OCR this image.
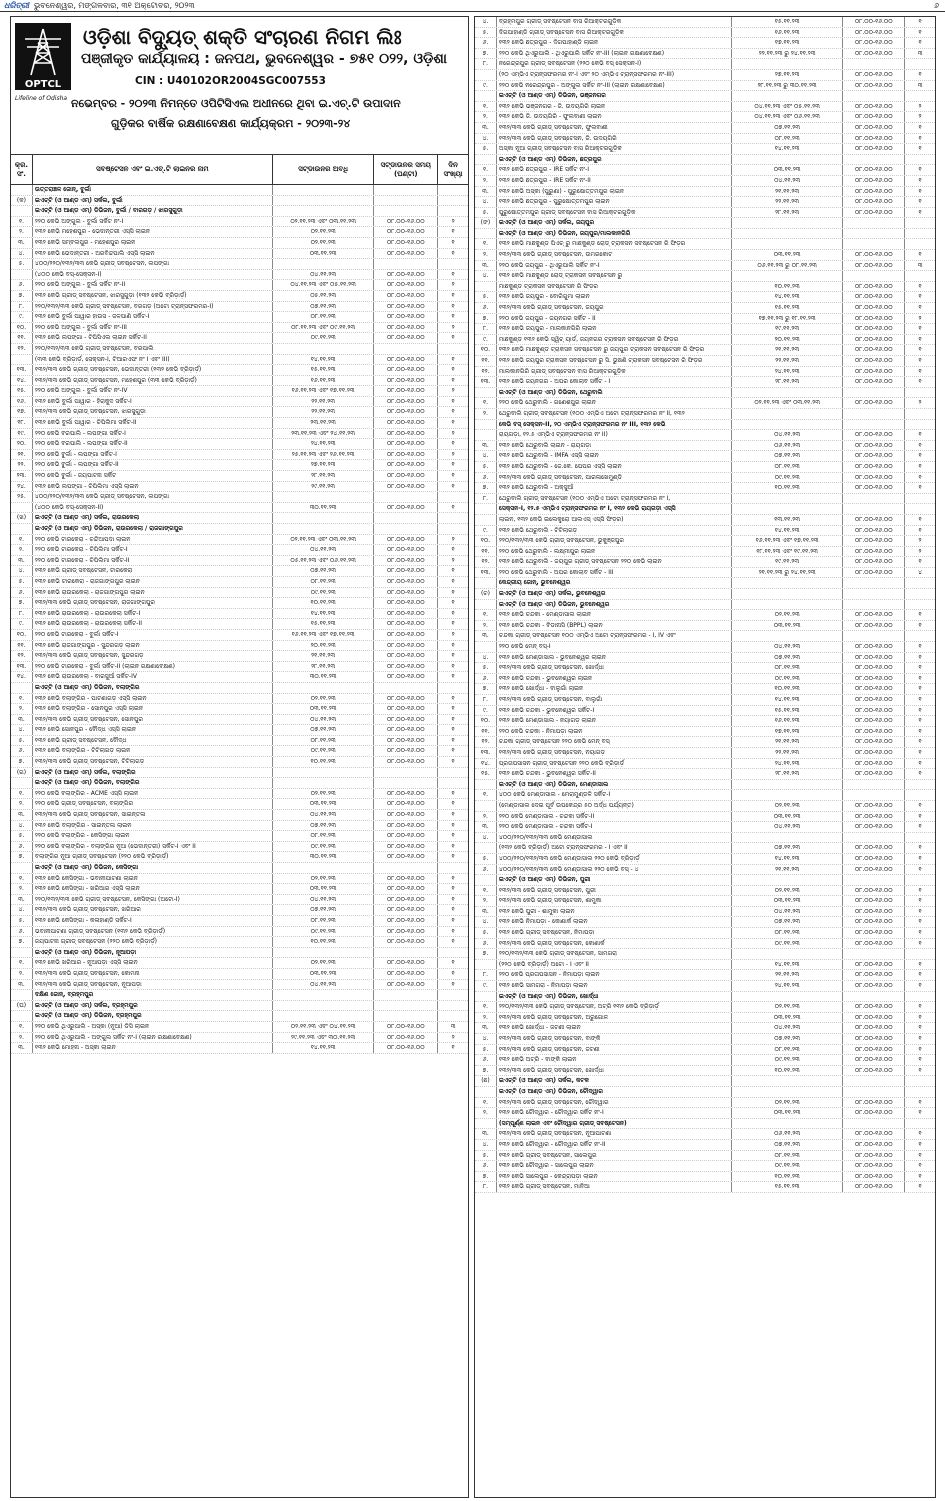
ଧରିତ୍ରୀ ଭୁବନେଶ୍ୱର, ମଙ୍ଗଳବାର, ୩୧ ଅକ୍ଟୋବର, ୨୦୨୩	୬
OPTCL
Lifeline of Odisha
ଓଡ଼ିଶା ବିଦ୍ୟୁତ୍ ଶକ୍ତି ସଂଚାରଣ ନିଗମ ଲିଃ
ପଞ୍ଜୀକୃତ କାର୍ଯ୍ୟାଳୟ : ଜନପଥ, ଭୁବନେଶ୍ୱର - ୭୫୧ ୦୨୨, ଓଡ଼ିଶା
CIN : U40102OR2004SGC007553
ନଭେମ୍ବର - ୨୦୨୩ ନିମନ୍ତେ ଓପିଟିସିଏଲ ଅଧୀନରେ ଥିବା ଇ.ଏଚ୍.ଟି ଉପାଦାନ
ଗୁଡ଼ିକର ବାର୍ଷିକ ରକ୍ଷଣାବେକ୍ଷଣ କାର୍ଯ୍ୟକ୍ରମ - ୨୦୨୩-୨୪
କ୍ର. ସଂ.
ସବଷ୍ଟେସନ ଏବଂ ଇ.ଏଚ୍.ଟି ଲାଇନର ନାମ	ସଟ୍‌ଡାଉନର ଅବଧି
ସଟ୍‌ଡାଉନର ସମୟ (ଘଣ୍ଟା)
ଦିନ ସଂଖ୍ୟା
ଉତ୍ତରାଞ୍ଚଳ ଜୋନ୍, ବୁର୍ଲା
(କ)	ଇଏଚ୍‌ଟି (ଓ ଆଣ୍ଡ ଏମ୍) ସର୍କଲ, ବୁର୍ଲା
ଇଏଚ୍‌ଟି (ଓ ଆଣ୍ଡ ଏମ୍) ଡିଭିଜନ, ବୁର୍ଲା / ବାରଗଡ଼ / ଝାରସୁଗୁଡ଼ା
୧.	୨୨୦ କେଭି ଅଙ୍ଗୁଲ - ବୁର୍ଲା ସର୍କିଟ ନଂ-I	୦୨.୧୧.୨୩ ଏବଂ ୦୩.୧୧.୨୩	୦୮.୦୦-୧୬.୦୦	୨
୨.	୧୩୨ କେଭି ମହେଶପୁର - ଭେଦାନ୍ତରୀ ଏସ୍‌ସି ଲାଇନ	୦୨.୧୧.୨୩	୦୮.୦୦-୧୬.୦୦	୧
୩.	୧୩୨ କେଭି ସମ୍ବଲପୁର - ମହେଶପୁର ଲାଇନ	୦୨.୧୧.୨୩	୦୮.୦୦-୧୬.୦୦	୧
୪.	୧୩୨ କେଭି ଭେଦାନ୍ତରୀ - ଅରବିନ୍ଦପାଲି ଏସ୍‌ସି ଲାଇନ	୦୩.୧୧.୨୩	୦୮.୦୦-୧୬.୦୦	୧
୫.	୪୦୦/୨୨୦/୧୩୨/୩୩ କେଭି ଗ୍ରୀଡ୍ ସବଷ୍ଟେସନ, ଲପଙ୍ଗା
(୪୦୦ କେଭି ବସ୍-ସେକ୍ସନ-I)	୦୪.୧୧.୨୩	୦୮.୦୦-୧୬.୦୦	୧
୬.	୨୨୦ କେଭି ଅଙ୍ଗୁଲ - ବୁର୍ଲା ସର୍କିଟ ନଂ-II	୦୪.୧୧.୨୩ ଏବଂ ୦୫.୧୧.୨୩	୦୮.୦୦-୧୬.୦୦	୨
୭.	୧୩୨ କେଭି ଗ୍ରୀଡ୍ ସବଷ୍ଟେସନ, ଝାରସୁଗୁଡ଼ା (୧୩୨ କେଭି ବ୍ରିଡ଼ାର୍ଡ଼)	୦୫.୧୧.୨୩	୦୮.୦୦-୧୬.୦୦	୧
୮.	୨୨୦/୧୩୨/୩୩ କେଭି ଗ୍ରୀଡ୍ ସବଷ୍ଟେସନ, ବରଗଡ଼ (ଅଟୋ ଟ୍ରାନ୍ସଫରମର-I)	୦୭.୧୧.୨୩	୦୮.୦୦-୧୬.୦୦	୧
୯.	୧୩୨ କେଭି ବୁର୍ଲା ପାୱାର ହାଉସ - ଜଳପାଣି ସର୍କିଟ-I	୦୮.୧୧.୨୩	୦୮.୦୦-୧୬.୦୦	୧
୧୦.	୨୨୦ କେଭି ଅଙ୍ଗୁଲ - ବୁର୍ଲା ସର୍କିଟ ନଂ-III	୦୮.୧୧.୨୩ ଏବଂ ୦୯.୧୧.୨୩	୦୮.୦୦-୧୬.୦୦	୨
୧୧.	୧୩୨ କେଭି ଲପଙ୍ଗା - ଟିପିସିଏଲ ଲାଇନ ସର୍କିଟ-II	୦୯.୧୧.୨୩	୦୮.୦୦-୧୬.୦୦	୧
୧୨.	୨୨୦/୧୩୨/୩୩ କେଭି ଗ୍ରୀଡ୍ ସବଷ୍ଟେସନ, ବରପାଲି
(୩୩ କେଭି ବ୍ରିଡ଼ାର୍ଡ଼, ସେକ୍ସନ-I, ଟିଆରଏଫ ନଂ I ଏବଂ III)	୧୪.୧୧.୨୩	୦୮.୦୦-୧୬.୦୦	୧
୧୩.	୧୩୨/୩୩ କେଭି ଗ୍ରୀଡ୍ ସବଷ୍ଟେସନ, ଭେଦାନ୍ତରୀ (୧୩୨ କେଭି ବ୍ରିଡ଼ାର୍ଡ଼)	୧୫.୧୧.୨୩	୦୮.୦୦-୧୬.୦୦	୧
୧୪.	୧୩୨/୩୩ କେଭି ଗ୍ରୀଡ୍ ସବଷ୍ଟେସନ, ମହେଶପୁର (୩୩ କେଭି ବ୍ରିଡ଼ାର୍ଡ଼)	୧୬.୧୧.୨୩	୦୮.୦୦-୧୬.୦୦	୧
୧୫.	୨୨୦ କେଭି ଅଙ୍ଗୁଲ - ବୁର୍ଲା ସର୍କିଟ ନଂ-IV	୧୬.୧୧.୨୩ ଏବଂ ୧୭.୧୧.୨୩	୦୮.୦୦-୧୬.୦୦	୨
୧୬.	୧୩୨ କେଭି ବୁର୍ଲା ପାୱାର - ହିରାକୁଦ ସର୍କିଟ-I	୨୨.୧୧.୨୩	୦୮.୦୦-୧୬.୦୦	୧
୧୭.	୧୩୨/୩୩ କେଭି ଗ୍ରୀଡ୍ ସବଷ୍ଟେସନ, ଝାରସୁଗୁଡ଼ା	୨୨.୧୧.୨୩	୦୮.୦୦-୧୬.୦୦	୧
୧୮.	୧୩୨ କେଭି ବୁର୍ଲା ପାୱାର - ଚିପିଲିମା ସର୍କିଟ-II	୨୩.୧୧.୨୩	୦୮.୦୦-୧୬.୦୦	୧
୧୯.	୨୨୦ କେଭି ବରପାଲି - ଲପଙ୍ଗା ସର୍କିଟ-I	୨୩.୧୧.୨୩ ଏବଂ ୨୪.୧୧.୨୩	୦୮.୦୦-୧୬.୦୦	୨
୨୦.	୨୨୦ କେଭି ବରପାଲି - ଲପଙ୍ଗା ସର୍କିଟ-II	୨୪.୧୧.୨୩	୦୮.୦୦-୧୬.୦୦	୧
୨୧.	୨୨୦ କେଭି ବୁର୍ଲା - ଲପଙ୍ଗା ସର୍କିଟ-I	୨୫.୧୧.୨୩ ଏବଂ ୨୬.୧୧.୨୩	୦୮.୦୦-୧୬.୦୦	୨
୨୨.	୨୨୦ କେଭି ବୁର୍ଲା - ଲପଙ୍ଗା ସର୍କିଟ-II	୨୭.୧୧.୨୩	୦୮.୦୦-୧୬.୦୦	୧
୨୩.	୨୨୦ କେଭି ବୁର୍ଲା - ଜୟପାଟନା ସର୍କିଟ	୨୮.୧୧.୨୩	୦୮.୦୦-୧୬.୦୦	୧
୨୪.	୧୩୨ କେଭି ଲପଙ୍ଗା - ଚିପିଲିମା ଏସ୍‌ସି ଲାଇନ	୨୯.୧୧.୨୩	୦୮.୦୦-୧୬.୦୦	୧
୨୫.	୪୦୦/୨୨୦/୧୩୨/୩୩ କେଭି ଗ୍ରୀଡ୍ ସବଷ୍ଟେସନ, ଲପଙ୍ଗା
(୪୦୦ କେଭି ବସ୍-ସେକ୍ସନ-II)	୩୦.୧୧.୨୩	୦୮.୦୦-୧୬.୦୦	୧
(ଖ)	ଇଏଚ୍‌ଟି (ଓ ଆଣ୍ଡ ଏମ୍) ସର୍କଲ, ରାଉରକେଲା
ଇଏଚ୍‌ଟି (ଓ ଆଣ୍ଡ ଏମ୍) ଡିଭିଜନ, ରାଉରକେଲା / ରାଜଗାଙ୍ଗପୁର
୧.	୨୨୦ କେଭି ଟାରକେରା - ଚନ୍ଦିଆପଦା ଲାଇନ	୦୨.୧୧.୨୩ ଏବଂ ୦୩.୧୧.୨୩	୦୮.୦୦-୧୬.୦୦	୨
୨.	୨୨୦ କେଭି ଟାରକେରା - ଚିପିଲିମା ସର୍କିଟ-I	୦୪.୧୧.୨୩	୦୮.୦୦-୧୬.୦୦	୧
୩.	୨୨୦ କେଭି ଟାରକେରା - ଚିପିଲିମା ସର୍କିଟ-II	୦୫.୧୧.୨୩ ଏବଂ ୦୬.୧୧.୨୩	୦୮.୦୦-୧୬.୦୦	୨
୪.	୧୩୨ କେଭି ଗ୍ରୀଡ୍ ସବଷ୍ଟେସନ, ଟାରକେରା	୦୭.୧୧.୨୩	୦୮.୦୦-୧୬.୦୦	୧
୫.	୧୩୨ କେଭି ଟାରକେରା - ରାଜଗାଙ୍ଗପୁର ଲାଇନ	୦୮.୧୧.୨୩	୦୮.୦୦-୧୬.୦୦	୧
୬.	୧୩୨ କେଭି ରାଉରକେଲା - ରାଜଗାଙ୍ଗପୁର ଲାଇନ	୦୯.୧୧.୨୩	୦୮.୦୦-୧୬.୦୦	୧
୭.	୧୩୨/୩୩ କେଭି ଗ୍ରୀଡ୍ ସବଷ୍ଟେସନ, ରାଜଗାଙ୍ଗପୁର	୧୦.୧୧.୨୩	୦୮.୦୦-୧୬.୦୦	୧
୮.	୧୩୨ କେଭି ରାଉରକେଲା - ରାଉରକେଲା ସର୍କିଟ-I	୧୪.୧୧.୨୩	୦୮.୦୦-୧୬.୦୦	୧
୯.	୧୩୨ କେଭି ରାଉରକେଲା - ରାଉରକେଲା ସର୍କିଟ-II	୧୫.୧୧.୨୩	୦୮.୦୦-୧୬.୦୦	୧
୧୦.	୨୨୦ କେଭି ଟାରକେରା - ବୁର୍ଲା ସର୍କିଟ-I	୧୬.୧୧.୨୩ ଏବଂ ୧୭.୧୧.୨୩	୦୮.୦୦-୧୬.୦୦	୨
୧୧.	୧୩୨ କେଭି ରାଜଗାଙ୍ଗପୁର - ସୁନ୍ଦରଗଡ଼ ଲାଇନ	୨୦.୧୧.୨୩	୦୮.୦୦-୧୬.୦୦	୧
୧୨.	୧୩୨/୩୩ କେଭି ଗ୍ରୀଡ୍ ସବଷ୍ଟେସନ, ସୁନ୍ଦରଗଡ଼	୨୧.୧୧.୨୩	୦୮.୦୦-୧୬.୦୦	୧
୧୩.	୨୨୦ କେଭି ଟାରକେରା - ବୁର୍ଲା ସର୍କିଟ-II (ଲାଇନ ରକ୍ଷଣାବେକ୍ଷଣ)	୨୮.୧୧.୨୩	୦୮.୦୦-୧୬.୦୦	୧
୧୪.	୧୩୨ କେଭି ରାଉରକେଲା - ବାରସୁଆଁ ସର୍କିଟ-IV	୩୦.୧୧.୨୩	୦୮.୦୦-୧୬.୦୦	୧
ଇଏଚ୍‌ଟି (ଓ ଆଣ୍ଡ ଏମ୍) ଡିଭିଜନ, ବଲାଙ୍ଗିର
୧.	୧୩୨ କେଭି ବଲାଙ୍ଗିର - ପାଟଣାଗଡ଼ ଏସ୍‌ସି ଲାଇନ	୦୨.୧୧.୨୩	୦୮.୦୦-୧୬.୦୦	୧
୨.	୧୩୨ କେଭି ବଲାଙ୍ଗିର - ସୋନପୁର ଏସ୍‌ସି ଲାଇନ	୦୩.୧୧.୨୩	୦୮.୦୦-୧୬.୦୦	୧
୩.	୧୩୨/୩୩ କେଭି ଗ୍ରୀଡ୍ ସବଷ୍ଟେସନ, ସୋନପୁର	୦୪.୧୧.୨୩	୦୮.୦୦-୧୬.୦୦	୧
୪.	୧୩୨ କେଭି ସୋନପୁର - ବୌଦ୍ଧ ଏସ୍‌ସି ଲାଇନ	୦୭.୧୧.୨୩	୦୮.୦୦-୧୬.୦୦	୧
୫.	୧୩୨ କେଭି ଗ୍ରୀଡ୍ ସବଷ୍ଟେସନ, ବୌଦ୍ଧ	୦୮.୧୧.୨୩	୦୮.୦୦-୧୬.୦୦	୧
୬.	୧୩୨ କେଭି ବଲାଙ୍ଗିର - ଟିଟିଲାଗଡ଼ ଲାଇନ	୦୯.୧୧.୨୩	୦୮.୦୦-୧୬.୦୦	୧
୭.	୧୩୨/୩୩ କେଭି ଗ୍ରୀଡ୍ ସବଷ୍ଟେସନ, ଟିଟିଲାଗଡ଼	୧୦.୧୧.୨୩	୦୮.୦୦-୧୬.୦୦	୧
(ଗ)	ଇଏଚ୍‌ଟି (ଓ ଆଣ୍ଡ ଏମ୍) ସର୍କଲ, ବଲାଙ୍ଗିର
ଇଏଚ୍‌ଟି (ଓ ଆଣ୍ଡ ଏମ୍) ଡିଭିଜନ, ବଲାଙ୍ଗିର
୧.	୨୨୦ କେଭି ବଲାଙ୍ଗିର - ACME ଏସ୍‌ସି ଲାଇନ	୦୨.୧୧.୨୩	୦୮.୦୦-୧୬.୦୦	୧
୨.	୨୨୦ କେଭି ଗ୍ରୀଡ୍ ସବଷ୍ଟେସନ, ବଲାଙ୍ଗିର	୦୩.୧୧.୨୩	୦୮.୦୦-୧୬.୦୦	୧
୩.	୧୩୨/୩୩ କେଭି ଗ୍ରୀଡ୍ ସବଷ୍ଟେସନ, ସାଇନ୍ତଳା	୦୪.୧୧.୨୩	୦୮.୦୦-୧୬.୦୦	୧
୪.	୧୩୨ କେଭି ବଲାଙ୍ଗିର - ସାଇନ୍ତଳା ଲାଇନ	୦୭.୧୧.୨୩	୦୮.୦୦-୧୬.୦୦	୧
୫.	୨୨୦ କେଭି ବଲାଙ୍ଗିର - କେସିଙ୍ଗା ଲାଇନ	୦୮.୧୧.୨୩	୦୮.୦୦-୧୬.୦୦	୧
୬.	୨୨୦ କେଭି ବଲାଙ୍ଗିର - ବଲାଙ୍ଗିର ନୂଆ (ଭେଦାନ୍ତରୀ) ସର୍କିଟ-I ଏବଂ II	୦୯.୧୧.୨୩	୦୮.୦୦-୧୬.୦୦	୧
୭.	ବଲାଙ୍ଗିର ନୂଆ ଗ୍ରୀଡ୍ ସବଷ୍ଟେସନ (୨୨୦ କେଭି ବ୍ରିଡ଼ାର୍ଡ଼)	୩୦.୧୧.୨୩	୦୮.୦୦-୧୬.୦୦	୧
ଇଏଚ୍‌ଟି (ଓ ଆଣ୍ଡ ଏମ୍) ଡିଭିଜନ, କେସିଙ୍ଗା
୧.	୧୩୨ କେଭି କେସିଙ୍ଗା - ଭବାନୀପାଟଣା ଲାଇନ	୦୨.୧୧.୨୩	୦୮.୦୦-୧୬.୦୦	୧
୨.	୧୩୨ କେଭି କେସିଙ୍ଗା - ଖରିଆର ଏସ୍‌ସି ଲାଇନ	୦୩.୧୧.୨୩	୦୮.୦୦-୧୬.୦୦	୧
୩.	୨୨୦/୧୩୨/୩୩ କେଭି ଗ୍ରୀଡ୍ ସବଷ୍ଟେସନ, କେସିଙ୍ଗା (ଅଟୋ-I)	୦୪.୧୧.୨୩	୦୮.୦୦-୧୬.୦୦	୧
୪.	୧୩୨/୩୩ କେଭି ଗ୍ରୀଡ୍ ସବଷ୍ଟେସନ, ଖରିଆର	୦୭.୧୧.୨୩	୦୮.୦୦-୧୬.୦୦	୧
୫.	୧୩୨ କେଭି କେସିଙ୍ଗା - କଳାହାଣ୍ଡି ସର୍କିଟ-I	୦୮.୧୧.୨୩	୦୮.୦୦-୧୬.୦୦	୧
୬.	ଭବାନୀପାଟଣା ଗ୍ରୀଡ୍ ସବଷ୍ଟେସନ (୧୩୨ କେଭି ବ୍ରିଡ଼ାର୍ଡ଼)	୦୯.୧୧.୨୩	୦୮.୦୦-୧୬.୦୦	୧
୭.	ଜୟପାଟନା ଗ୍ରୀଡ୍ ସବଷ୍ଟେସନ (୨୨୦ କେଭି ବ୍ରିଡ଼ାର୍ଡ଼)	୧୦.୧୧.୨୩	୦୮.୦୦-୧୬.୦୦	୧
ଇଏଚ୍‌ଟି (ଓ ଆଣ୍ଡ ଏମ୍) ଡିଭିଜନ, ନୂଆପଡ଼ା
୧.	୧୩୨ କେଭି ଖରିଆର - ନୂଆପଡ଼ା ଏସ୍‌ସି ଲାଇନ	୦୨.୧୧.୨୩	୦୮.୦୦-୧୬.୦୦	୧
୨.	୧୩୨/୩୩ କେଭି ଗ୍ରୀଡ୍ ସବଷ୍ଟେସନ, କୋମନା	୦୩.୧୧.୨୩	୦୮.୦୦-୧୬.୦୦	୧
୩.	୧୩୨/୩୩ କେଭି ଗ୍ରୀଡ୍ ସବଷ୍ଟେସନ, ନୂଆପଡ଼ା	୦୪.୧୧.୨୩	୦୮.୦୦-୧୬.୦୦	୧
ଦକ୍ଷିଣ ଜୋନ୍, ବ୍ରହ୍ମପୁର
(ଘ)	ଇଏଚ୍‌ଟି (ଓ ଆଣ୍ଡ ଏମ୍) ସର୍କଲ, ବ୍ରହ୍ମପୁର
ଇଏଚ୍‌ଟି (ଓ ଆଣ୍ଡ ଏମ୍) ଡିଭିଜନ, ବ୍ରହ୍ମପୁର
୧.	୨୨୦ କେଭି ଥିଏରୁପାଲି - ଅସ୍କା (ନୂଆ) ଡିସି ଲାଇନ	୦୨.୧୧.୨୩ ଏବଂ ୦୪.୧୧.୨୩	୦୮.୦୦-୧୬.୦୦	୩
୨.	୨୨୦ କେଭି ଥିଏରୁପାଲି - ଅଙ୍ଗୁଲ ସର୍କିଟ ନଂ-I (ଲାଇନ ରକ୍ଷଣାବେକ୍ଷଣ)	୨୯.୧୧.୨୩ ଏବଂ ୩୦.୧୧.୨୩	୦୮.୦୦-୧୬.୦୦	୨
୩.	୧୩୨ କେଭି ମୋହନା - ଅସ୍କା ଲାଇନ	୧୪.୧୧.୨୩	୦୮.୦୦-୧୬.୦୦	୧
୪.	ବ୍ରହ୍ମପୁର ଗ୍ରୀଡ୍ ସବଷ୍ଟେସନ ବାସ ରିଆକ୍ଟରଗୁଡ଼ିକ	୧୫.୧୧.୨୩	୦୮.୦୦-୧୬.୦୦	୧
୫.	ଦିଗପାହାଣ୍ଡି ଗ୍ରୀଡ୍ ସବଷ୍ଟେସନ ବାସ ରିଆକ୍ଟରଗୁଡ଼ିକ	୧୬.୧୧.୨୩	୦୮.୦୦-୧୬.୦୦	୧
୬.	୧୩୨ କେଭି ଛତ୍ରପୁର - ଦିଗପାହାଣ୍ଡି ଲାଇନ	୧୭.୧୧.୨୩	୦୮.୦୦-୧୬.୦୦	୧
୭.	୨୨୦ କେଭି ଥିଏରୁପାଲି - ଥିଏରୁପାଲି ସର୍କିଟ ନଂ-III (ଲାଇନ ରକ୍ଷଣାବେକ୍ଷଣ)	୨୨.୧୧.୨୩ ରୁ ୨୪.୧୧.୨୩	୦୮.୦୦-୧୬.୦୦	୩
୮.	ନରେନ୍ଦ୍ରପୁର ଗ୍ରୀଡ୍ ସବଷ୍ଟେସନ (୨୨୦ କେଭି ବସ୍ ସେକ୍ସନ-I)
(୨୦ ଏମ୍‌ଭିଏ ଟ୍ରାନ୍ସଫରମର ନଂ-I ଏବଂ ୨୦ ଏମ୍‌ଭିଏ ଟ୍ରାନ୍ସଫରମର ନଂ-III)	୨୭.୧୧.୨୩	୦୮.୦୦-୧୬.୦୦	୧
୯.	୨୨୦ କେଭି ନରେନ୍ଦ୍ରପୁର - ଅଙ୍ଗୁଲ ସର୍କିଟ ନଂ-III (ଲାଇନ ରକ୍ଷଣାବେକ୍ଷଣ)	୨୮.୧୧.୨୩ ରୁ ୩୦.୧୧.୨୩	୦୮.୦୦-୧୬.୦୦	୩
ଇଏଚ୍‌ଟି (ଓ ଆଣ୍ଡ ଏମ୍) ଡିଭିଜନ, ଭଞ୍ଜନଗର
୧.	୧୩୨ କେଭି ଭଞ୍ଜନଗର - ଜି. ଉଦୟଗିରି ଲାଇନ	୦୪.୧୧.୨୩ ଏବଂ ୦୫.୧୧.୨୩	୦୮.୦୦-୧୬.୦୦	୨
୨.	୧୩୨ କେଭି ଜି. ଉଦୟଗିରି - ଫୁଲବାଣୀ ଲାଇନ	୦୪.୧୧.୨୩ ଏବଂ ୦୬.୧୧.୨୩	୦୮.୦୦-୧୬.୦୦	୨
୩.	୧୩୨/୩୩ କେଭି ଗ୍ରୀଡ୍ ସବଷ୍ଟେସନ, ଫୁଲବାଣୀ	୦୭.୧୧.୨୩	୦୮.୦୦-୧୬.୦୦	୧
୪.	୧୩୨/୩୩ କେଭି ଗ୍ରୀଡ୍ ସବଷ୍ଟେସନ, ଜି. ଉଦୟଗିରି	୦୮.୧୧.୨୩	୦୮.୦୦-୧୬.୦୦	୧
୫.	ଅସ୍କା ନୂଆ ଗ୍ରୀଡ୍ ସବଷ୍ଟେସନ ବାସ ରିଆକ୍ଟରଗୁଡ଼ିକ	୧୪.୧୧.୨୩	୦୮.୦୦-୧୬.୦୦	୧
ଇଏଚ୍‌ଟି (ଓ ଆଣ୍ଡ ଏମ୍) ଡିଭିଜନ, ଛତ୍ରପୁର
୧.	୧୩୨ କେଭି ଛତ୍ରପୁର - IRE ସର୍କିଟ ନଂ-I	୦୩.୧୧.୨୩	୦୮.୦୦-୧୬.୦୦	୧
୨.	୧୩୨ କେଭି ଛତ୍ରପୁର - IRE ସର୍କିଟ ନଂ-II	୦୪.୧୧.୨୩	୦୮.୦୦-୧୬.୦୦	୧
୩.	୧୩୨ କେଭି ଅସ୍କା (ପୁରୁଣା) - ପୁରୁଷୋତ୍ତମପୁର ଲାଇନ	୨୧.୧୧.୨୩	୦୮.୦୦-୧୬.୦୦	୧
୪.	୧୩୨ କେଭି ଛତ୍ରପୁର - ପୁରୁଷୋତ୍ତମପୁର ଲାଇନ	୨୨.୧୧.୨୩	୦୮.୦୦-୧୬.୦୦	୧
୫.	ପୁରୁଷୋତ୍ତମପୁର ଗ୍ରୀଡ୍ ସବଷ୍ଟେସନ ବାସ ରିଆକ୍ଟରଗୁଡ଼ିକ	୨୮.୧୧.୨୩	୦୮.୦୦-୧୬.୦୦	୧
(ଙ)	ଇଏଚ୍‌ଟି (ଓ ଆଣ୍ଡ ଏମ୍) ସର୍କଲ, ଜୟପୁର
ଇଏଚ୍‌ଟି (ଓ ଆଣ୍ଡ ଏମ୍) ଡିଭିଜନ, ଜୟପୁର/ମାଲକାନଗିରି
୧.	୧୩୨ କେଭି ମାଛକୁଣ୍ଡ ପିଏଚ୍ ରୁ ମାଛକୁଣ୍ଡ ରୋଡ୍ ଟ୍ରାକସନ ସବଷ୍ଟେସନ ରି ଫିଡ଼ର
୨.	୧୩୨/୩୩ କେଭି ଗ୍ରୀଡ୍ ସବଷ୍ଟେସନ, ଉମରକୋଟ	୦୩.୧୧.୨୩	୦୮.୦୦-୧୬.୦୦	୧
୩.	୨୨୦ କେଭି ଜୟପୁର - ଥିଏରୁପାଲି ସର୍କିଟ ନଂ-I	୦୬.୧୧.୨୩ ରୁ ୦୮.୧୧.୨୩	୦୮.୦୦-୧୬.୦୦	୩
୪.	୧୩୨ କେଭି ମାଛକୁଣ୍ଡ ରୋଡ୍ ଟ୍ରାକସନ ସବଷ୍ଟେସନ ରୁ
ମାଛକୁଣ୍ଡ ଟ୍ରାକସନ ସବଷ୍ଟେସନ ରି ଫିଡ଼ର	୧୦.୧୧.୨୩	୦୮.୦୦-୧୬.୦୦	୧
୫.	୧୩୨ କେଭି ଜୟପୁର - ବୋରିଗୁମା ଲାଇନ	୧୪.୧୧.୨୩	୦୮.୦୦-୧୬.୦୦	୧
୬.	୧୩୨/୩୩ କେଭି ଗ୍ରୀଡ୍ ସବଷ୍ଟେସନ, ଜୟପୁର	୧୫.୧୧.୨୩	୦୮.୦୦-୧୬.୦୦	୧
୭.	୨୨୦ କେଭି ଜୟପୁର - ଜୟନଗର ସର୍କିଟ - II	୧୭.୧୧.୨୩ ରୁ ୧୮.୧୧.୨୩	୦୮.୦୦-୧୬.୦୦	୨
୮.	୧୩୨ କେଭି ଜୟପୁର - ମାଲକାନଗିରି ଲାଇନ	୧୯.୧୧.୨୩	୦୮.୦୦-୧୬.୦୦	୧
୯.	ମାଛକୁଣ୍ଡ ୧୩୨ କେଭି ସ୍ୱିଚ୍ ୟାର୍ଡ, ଜୟନଗର ଟ୍ରାକସନ ସବଷ୍ଟେସନ ରି ଫିଡ଼ର	୨୦.୧୧.୨୩	୦୮.୦୦-୧୬.୦୦	୧
୧୦.	୧୩୨ କେଭି ମାଛକୁଣ୍ଡ ଟ୍ରାକସନ ସବଷ୍ଟେସନ ରୁ ଜୟପୁର ଟ୍ରାକସନ ସବଷ୍ଟେସନ ରି ଫିଡ଼ର	୨୧.୧୧.୨୩	୦୮.୦୦-୧୬.୦୦	୧
୧୧.	୧୩୨ କେଭି ଜୟପୁର ଟ୍ରାକସନ ସବଷ୍ଟେସନ ରୁ ସି. ଭୁଷଣି ଟ୍ରାକସନ ସବଷ୍ଟେସନ ରି ଫିଡ଼ର	୨୨.୧୧.୨୩	୦୮.୦୦-୧୬.୦୦	୧
୧୨.	ମାଲକାନଗିରି ଗ୍ରୀଡ୍ ସବଷ୍ଟେସନ ବାସ ରିଆକ୍ଟରଗୁଡ଼ିକ	୨୪.୧୧.୨୩	୦୮.୦୦-୧୬.୦୦	୧
୧୩.	୧୩୨ କେଭି ଜୟନଗର - ଅପର କୋଲାବ ସର୍କିଟ - I	୨୮.୧୧.୨୩	୦୮.୦୦-୧୬.୦୦	୧
ଇଏଚ୍‌ଟି (ଓ ଆଣ୍ଡ ଏମ୍) ଡିଭିଜନ, ଥେରୁବାଲି
୧.	୨୨୦ କେଭି ଥେରୁବାଲି - ଗଣେଶପୁର ଲାଇନ	୦୨.୧୧.୨୩ ଏବଂ ୦୩.୧୧.୨୩	୦୮.୦୦-୧୬.୦୦	୨
୨.	ଥେରୁବାଲି ଗ୍ରୀଡ୍ ସବଷ୍ଟେସନ (୧୦୦ ଏମ୍‌ଭିଏ ଅଟୋ ଟ୍ରାନ୍ସଫରମର ନଂ II, ୧୩୨
କେଭି ବସ୍ ସେକ୍ସନ-II, ୨୦ ଏମ୍‌ଭିଏ ଟ୍ରାନ୍ସଫରମର ନଂ III, ୧୩୨ କେଭି
ରାୟଗଡ଼ା, ୧୨.୫ ଏମ୍‌ଭିଏ ଟ୍ରାନ୍ସଫରମର ନଂ II)	୦୪.୧୧.୨୩	୦୮.୦୦-୧୬.୦୦	୧
୩.	୧୩୨ କେଭି ଥେରୁବାଲି ଲାଇନ - ରାୟଗଡ଼ା	୦୬.୧୧.୨୩	୦୮.୦୦-୧୬.୦୦	୧
୪.	୧୩୨ କେଭି ଥେରୁବାଲି - IMFA ଏସ୍‌ସି ଲାଇନ	୦୭.୧୧.୨୩	୦୮.୦୦-୧୬.୦୦	୧
୫.	୧୩୨ କେଭି ଥେରୁବାଲି - ଜେ.କେ. ପେପର ଏସ୍‌ସି ଲାଇନ	୦୮.୧୧.୨୩	୦୮.୦୦-୧୬.୦୦	୧
୬.	୧୩୨/୩୩ କେଭି ଗ୍ରୀଡ୍ ସବଷ୍ଟେସନ, ପାରଳାଖେମୁଣ୍ଡି	୦୯.୧୧.୨୩	୦୮.୦୦-୧୬.୦୦	୧
୭.	୧୩୨ କେଭି ଥେରୁବାଲି - ଅକ୍ସୁଆଁ	୧୦.୧୧.୨୩	୦୮.୦୦-୧୬.୦୦	୧
୮.	ଥେରୁବାଲି ଗ୍ରୀଡ୍ ସବଷ୍ଟେସନ (୧୦୦ ଏମ୍‌ଭିଏ ଅଟୋ ଟ୍ରାନ୍ସଫରମର ନଂ I,
ସେକ୍ସନ-I, ୧୨.୫ ଏମ୍‌ଭିଏ ଟ୍ରାନ୍ସଫରମର ନଂ I, ୧୩୨ କେଭି ରାୟଗଡ଼ା ଏସ୍‌ସି
ଲାଇନ, ୧୩୨ କେଭି ଇଲେକ୍ଟ୍ରୋ ଆଲଏସ୍ ଏସ୍‌ସି ଫିଡ଼ର)	୧୩.୧୧.୨୩	୦୮.୦୦-୧୬.୦୦	୧
୯.	୧୩୨ କେଭି ଥେରୁବାଲି - ଟିଟିଲାଗଡ଼	୧୪.୧୧.୨୩	୦୮.୦୦-୧୬.୦୦	୧
୧୦.	୨୨୦/୧୩୨/୩୩ କେଭି ଗ୍ରୀଡ୍ ସବଷ୍ଟେସନ, ଭୁକୁଞ୍ଜପୁର	୧୬.୧୧.୨୩ ଏବଂ ୧୭.୧୧.୨୩	୦୮.୦୦-୧୬.୦୦	୨
୧୧.	୨୨୦ କେଭି ଥେରୁବାଲି - ଲକ୍ଷ୍ମୀପୁର ଲାଇନ	୧୮.୧୧.୨୩ ଏବଂ ୧୯.୧୧.୨୩	୦୮.୦୦-୧୬.୦୦	୨
୧୨.	୧୩୨ କେଭି ଥେରୁବାଲି - ଜୟପୁର ଗ୍ରୀଡ୍ ସବଷ୍ଟେସନ ୨୨୦ କେଭି ଲାଇନ	୧୯.୧୧.୨୩	୦୮.୦୦-୧୬.୦୦	୧
୧୩.	୨୨୦ କେଭି ଥେରୁବାଲି - ଅପର କୋଲାବ ସର୍କିଟ - III	୨୧.୧୧.୨୩ ରୁ ୨୪.୧୧.୨୩	୦୮.୦୦-୧୬.୦୦	୪
କେନ୍ଦ୍ରୀୟ ଜୋନ୍, ଭୁବନେଶ୍ୱର
(ଚ)	ଇଏଚ୍‌ଟି (ଓ ଆଣ୍ଡ ଏମ୍) ସର୍କଲ, ଭୁବନେଶ୍ୱର
ଇଏଚ୍‌ଟି (ଓ ଆଣ୍ଡ ଏମ୍) ଡିଭିଜନ, ଭୁବନେଶ୍ୱର
୧.	୧୩୨ କେଭି ଚନ୍ଦକା - ମେଣ୍ଡାସାଲ ଲାଇନ	୦୨.୧୧.୨୩	୦୮.୦୦-୧୬.୦୦	୧
୨.	୧୩୨ କେଭି ଚନ୍ଦକା - ବିଡାନାସି (BPPL) ଲାଇନ	୦୩.୧୧.୨୩	୦୮.୦୦-୧୬.୦୦	୧
୩.	ଚନ୍ଦକା ଗ୍ରୀଡ୍ ସବଷ୍ଟେସନ ୧୦୦ ଏମ୍‌ଭିଏ ଅଟୋ ଟ୍ରାନ୍ସଫରମର - I, IV ଏବଂ
୨୨୦ କେଭି ମେନ୍ ବସ୍-I	୦୪.୧୧.୨୩	୦୮.୦୦-୧୬.୦୦	୧
୪.	୧୩୨ କେଭି ମେଣ୍ଡାସାଲ - ଭୁବନେଶ୍ୱର ଲାଇନ	୦୭.୧୧.୨୩	୦୮.୦୦-୧୬.୦୦	୧
୫.	୧୩୨/୩୩ କେଭି ଗ୍ରୀଡ୍ ସବଷ୍ଟେସନ, ଖୋର୍ଦ୍ଧା	୦୮.୧୧.୨୩	୦୮.୦୦-୧୬.୦୦	୧
୬.	୧୩୨ କେଭି ଚନ୍ଦକା - ଭୁବନେଶ୍ୱର ଲାଇନ	୦୯.୧୧.୨୩	୦୮.୦୦-୧୬.୦୦	୧
୭.	୧୩୨ କେଭି ଖୋର୍ଦ୍ଧା - ବାଲୁଗାଁ ଲାଇନ	୧୦.୧୧.୨୩	୦୮.୦୦-୧୬.୦୦	୧
୮.	୧୩୨/୩୩ କେଭି ଗ୍ରୀଡ୍ ସବଷ୍ଟେସନ, ବାଲୁଗାଁ	୧୪.୧୧.୨୩	୦୮.୦୦-୧୬.୦୦	୧
୯.	୧୩୨ କେଭି ଚନ୍ଦକା - ଭୁବନେଶ୍ୱର ସର୍କିଟ-I	୧୫.୧୧.୨୩	୦୮.୦୦-୧୬.୦୦	୧
୧୦.	୧୩୨ କେଭି ମେଣ୍ଡାସାଲ - ନୟାଗଡ଼ ଲାଇନ	୧୬.୧୧.୨୩	୦୮.୦୦-୧୬.୦୦	୧
୧୧.	୨୨୦ କେଭି ଚନ୍ଦକା - ନିମାପଡ଼ା ଲାଇନ	୧୭.୧୧.୨୩	୦୮.୦୦-୧୬.୦୦	୧
୧୨.	ଚନ୍ଦକା ଗ୍ରୀଡ୍ ସବଷ୍ଟେସନ ୨୨୦ କେଭି ମେନ୍ ବସ୍	୨୧.୧୧.୨୩	୦୮.୦୦-୧୬.୦୦	୧
୧୩.	୧୩୨/୩୩ କେଭି ଗ୍ରୀଡ୍ ସବଷ୍ଟେସନ, ନୟାଗଡ଼	୨୨.୧୧.୨୩	୦୮.୦୦-୧୬.୦୦	୧
୧୪.	ପ୍ରତାପସାସନ ଗ୍ରୀଡ୍ ସବଷ୍ଟେସନ ୨୨୦ କେଭି ବ୍ରିଡ଼ାର୍ଡ଼	୨୪.୧୧.୨୩	୦୮.୦୦-୧୬.୦୦	୧
୧୫.	୧୩୨ କେଭି ଚନ୍ଦକା - ଭୁବନେଶ୍ୱର ସର୍କିଟ-II	୨୮.୧୧.୨୩	୦୮.୦୦-୧୬.୦୦	୧
ଇଏଚ୍‌ଟି (ଓ ଆଣ୍ଡ ଏମ୍) ଡିଭିଜନ, ମେଣ୍ଡାସାଲ
୧.	୪୦୦ କେଭି ମେଣ୍ଡାସାଲ - ମେରାମୁଣ୍ଡଳି ସର୍କିଟ-I
(ମେଣ୍ଡାସାଲ ଦେଇ ପୂର୍ବ ଉପକେନ୍ଦ୍ର ୫୦ ଅର୍ଦ୍ଧ ପର୍ଯ୍ୟନ୍ତ)	୦୨.୧୧.୨୩	୦୮.୦୦-୧୬.୦୦	୧
୨.	୨୨୦ କେଭି ମେଣ୍ଡାସାଲ - ଚନ୍ଦକା ସର୍କିଟ-II	୦୩.୧୧.୨୩	୦୮.୦୦-୧୬.୦୦	୧
୩.	୨୨୦ କେଭି ମେଣ୍ଡାସାଲ - ଚନ୍ଦକା ସର୍କିଟ-I	୦୪.୧୧.୨୩	୦୮.୦୦-୧୬.୦୦	୧
୪.	୪୦୦/୨୨୦/୧୩୨/୩୩ କେଭି ମେଣ୍ଡାସାଲ
(୧୩୨ କେଭି ବ୍ରିଡ଼ାର୍ଡ଼) ଅଟୋ ଟ୍ରାନ୍ସଫରମର - I ଏବଂ II	୦୭.୧୧.୨୩	୦୮.୦୦-୧୬.୦୦	୧
୫.	୪୦୦/୨୨୦/୧୩୨/୩୩ କେଭି ମେଣ୍ଡାସାଲ ୨୨୦ କେଭି ବ୍ରିଡ଼ାର୍ଡ଼	୧୪.୧୧.୨୩	୦୮.୦୦-୧୬.୦୦	୧
୬.	୪୦୦/୨୨୦/୧୩୨/୩୩ କେଭି ମେଣ୍ଡାସାଲ ୨୨୦ କେଭି ବସ୍ - ୪	୨୧.୧୧.୨୩	୦୮.୦୦-୧୬.୦୦	୧
ଇଏଚ୍‌ଟି (ଓ ଆଣ୍ଡ ଏମ୍) ଡିଭିଜନ, ପୁରୀ
୧.	୧୩୨/୩୩ କେଭି ଗ୍ରୀଡ୍ ସବଷ୍ଟେସନ, ପୁରୀ	୦୨.୧୧.୨୩	୦୮.୦୦-୧୬.୦୦	୧
୨.	୧୩୨/୩୩ କେଭି ଗ୍ରୀଡ୍ ସବଷ୍ଟେସନ, ଶାମୁକା	୦୩.୧୧.୨୩	୦୮.୦୦-୧୬.୦୦	୧
୩.	୧୩୨ କେଭି ପୁରୀ - ଶାମୁକା ଲାଇନ	୦୪.୧୧.୨୩	୦୮.୦୦-୧୬.୦୦	୧
୪.	୧୩୨ କେଭି ନିମାପଡ଼ା - କୋଣାର୍କ ଲାଇନ	୦୭.୧୧.୨୩	୦୮.୦୦-୧୬.୦୦	୧
୫.	୧୩୨ କେଭି ଗ୍ରୀଡ୍ ସବଷ୍ଟେସନ, ନିମାପଡ଼ା	୦୮.୧୧.୨୩	୦୮.୦୦-୧୬.୦୦	୧
୬.	୧୩୨/୩୩ କେଭି ଗ୍ରୀଡ୍ ସବଷ୍ଟେସନ, କୋଣାର୍କ	୦୯.୧୧.୨୩	୦୮.୦୦-୧୬.୦୦	୧
୭.	୨୨୦/୧୩୨/୩୩ କେଭି ଗ୍ରୀଡ୍ ସବଷ୍ଟେସନ, ସାମଗରା
(୨୨୦ କେଭି ବ୍ରିଡ଼ାର୍ଡ଼) ଅଟୋ - I ଏବଂ II	୧୪.୧୧.୨୩	୦୮.୦୦-୧୬.୦୦	୧
୮.	୨୨୦ କେଭି ପ୍ରତାପସାସନ - ନିମାପଡ଼ା ଲାଇନ	୨୧.୧୧.୨୩	୦୮.୦୦-୧୬.୦୦	୧
୯.	୧୩୨ କେଭି ସାମଗରା - ନିମାପଡ଼ା ଲାଇନ	୨୪.୧୧.୨୩	୦୮.୦୦-୧୬.୦୦	୧
ଇଏଚ୍‌ଟି (ଓ ଆଣ୍ଡ ଏମ୍) ଡିଭିଜନ, ଖୋର୍ଦ୍ଧା
୧.	୨୨୦/୧୩୨/୩୩ କେଭି ଗ୍ରୀଡ୍ ସବଷ୍ଟେସନ, ଅଟ୍ରି ୧୩୨ କେଭି ବ୍ରିଡ଼ାର୍ଡ଼	୦୨.୧୧.୨୩	୦୮.୦୦-୧୬.୦୦	୧
୨.	୧୩୨/୩୩ କେଭି ଗ୍ରୀଡ୍ ସବଷ୍ଟେସନ, ଅରୁଗୋଳ	୦୩.୧୧.୨୩	୦୮.୦୦-୧୬.୦୦	୧
୩.	୧୩୨ କେଭି ଖୋର୍ଦ୍ଧା - ଜଟଣୀ ଲାଇନ	୦୪.୧୧.୨୩	୦୮.୦୦-୧୬.୦୦	୧
୪.	୧୩୨/୩୩ କେଭି ଗ୍ରୀଡ୍ ସବଷ୍ଟେସନ, ବାଙ୍କି	୦୭.୧୧.୨୩	୦୮.୦୦-୧୬.୦୦	୧
୫.	୧୩୨/୩୩ କେଭି ଗ୍ରୀଡ୍ ସବଷ୍ଟେସନ, ଜଟଣୀ	୦୮.୧୧.୨୩	୦୮.୦୦-୧୬.୦୦	୧
୬.	୧୩୨ କେଭି ଅଟ୍ରି - ବାଙ୍କି ଲାଇନ	୦୯.୧୧.୨୩	୦୮.୦୦-୧୬.୦୦	୧
୭.	୧୩୨/୩୩ କେଭି ଗ୍ରୀଡ୍ ସବଷ୍ଟେସନ, ଖୋର୍ଦ୍ଧା	୧୦.୧୧.୨୩	୦୮.୦୦-୧୬.୦୦	୧
(ଛ)	ଇଏଚ୍‌ଟି (ଓ ଆଣ୍ଡ ଏମ୍) ସର୍କଲ, କଟକ
ଇଏଚ୍‌ଟି (ଓ ଆଣ୍ଡ ଏମ୍) ଡିଭିଜନ, ଚୌଦ୍ୱାର
୧.	୧୩୨/୩୩ କେଭି ଗ୍ରୀଡ୍ ସବଷ୍ଟେସନ, ଚୌଦ୍ୱାର	୦୨.୧୧.୨୩	୦୮.୦୦-୧୬.୦୦	୧
୨.	୧୩୨ କେଭି ଚୌଦ୍ୱାର - ଚୌଦ୍ୱାର ସର୍କିଟ ନଂ-I	୦୩.୧୧.୨୩	୦୮.୦୦-୧୬.୦୦	୧
(ସମ୍ପୂର୍ଣ୍ଣ ଲାଇନ ଏବଂ ଚୌଦ୍ୱାର ଗ୍ରୀଡ୍ ସବଷ୍ଟେସନ)
୩.	୧୩୨/୩୩ କେଭି ଗ୍ରୀଡ୍ ସବଷ୍ଟେସନ, ନୂଆପାଟଣା	୦୬.୧୧.୨୩	୦୮.୦୦-୧୬.୦୦	୧
୪.	୧୩୨ କେଭି ଚୌଦ୍ୱାର - ଚୌଦ୍ୱାର ସର୍କିଟ ନଂ-II	୦୭.୧୧.୨୩	୦୮.୦୦-୧୬.୦୦	୧
୫.	୧୩୨ କେଭି ଗ୍ରୀଡ୍ ସବଷ୍ଟେସନ, ସାଲେପୁର	୦୮.୧୧.୨୩	୦୮.୦୦-୧୬.୦୦	୧
୬.	୧୩୨ କେଭି ଚୌଦ୍ୱାର - ସାଲେପୁର ଲାଇନ	୦୯.୧୧.୨୩	୦୮.୦୦-୧୬.୦୦	୧
୭.	୧୩୨ କେଭି ସାଲେପୁର - କେନ୍ଦ୍ରାପଡ଼ା ଲାଇନ	୧୦.୧୧.୨୩	୦୮.୦୦-୧୬.୦୦	୧
୮.	୧୩୨ କେଭି ଗ୍ରୀଡ୍ ସବଷ୍ଟେସନ, ମାନିଆ	୧୫.୧୧.୨୩	୦୮.୦୦-୧୬.୦୦	୧
